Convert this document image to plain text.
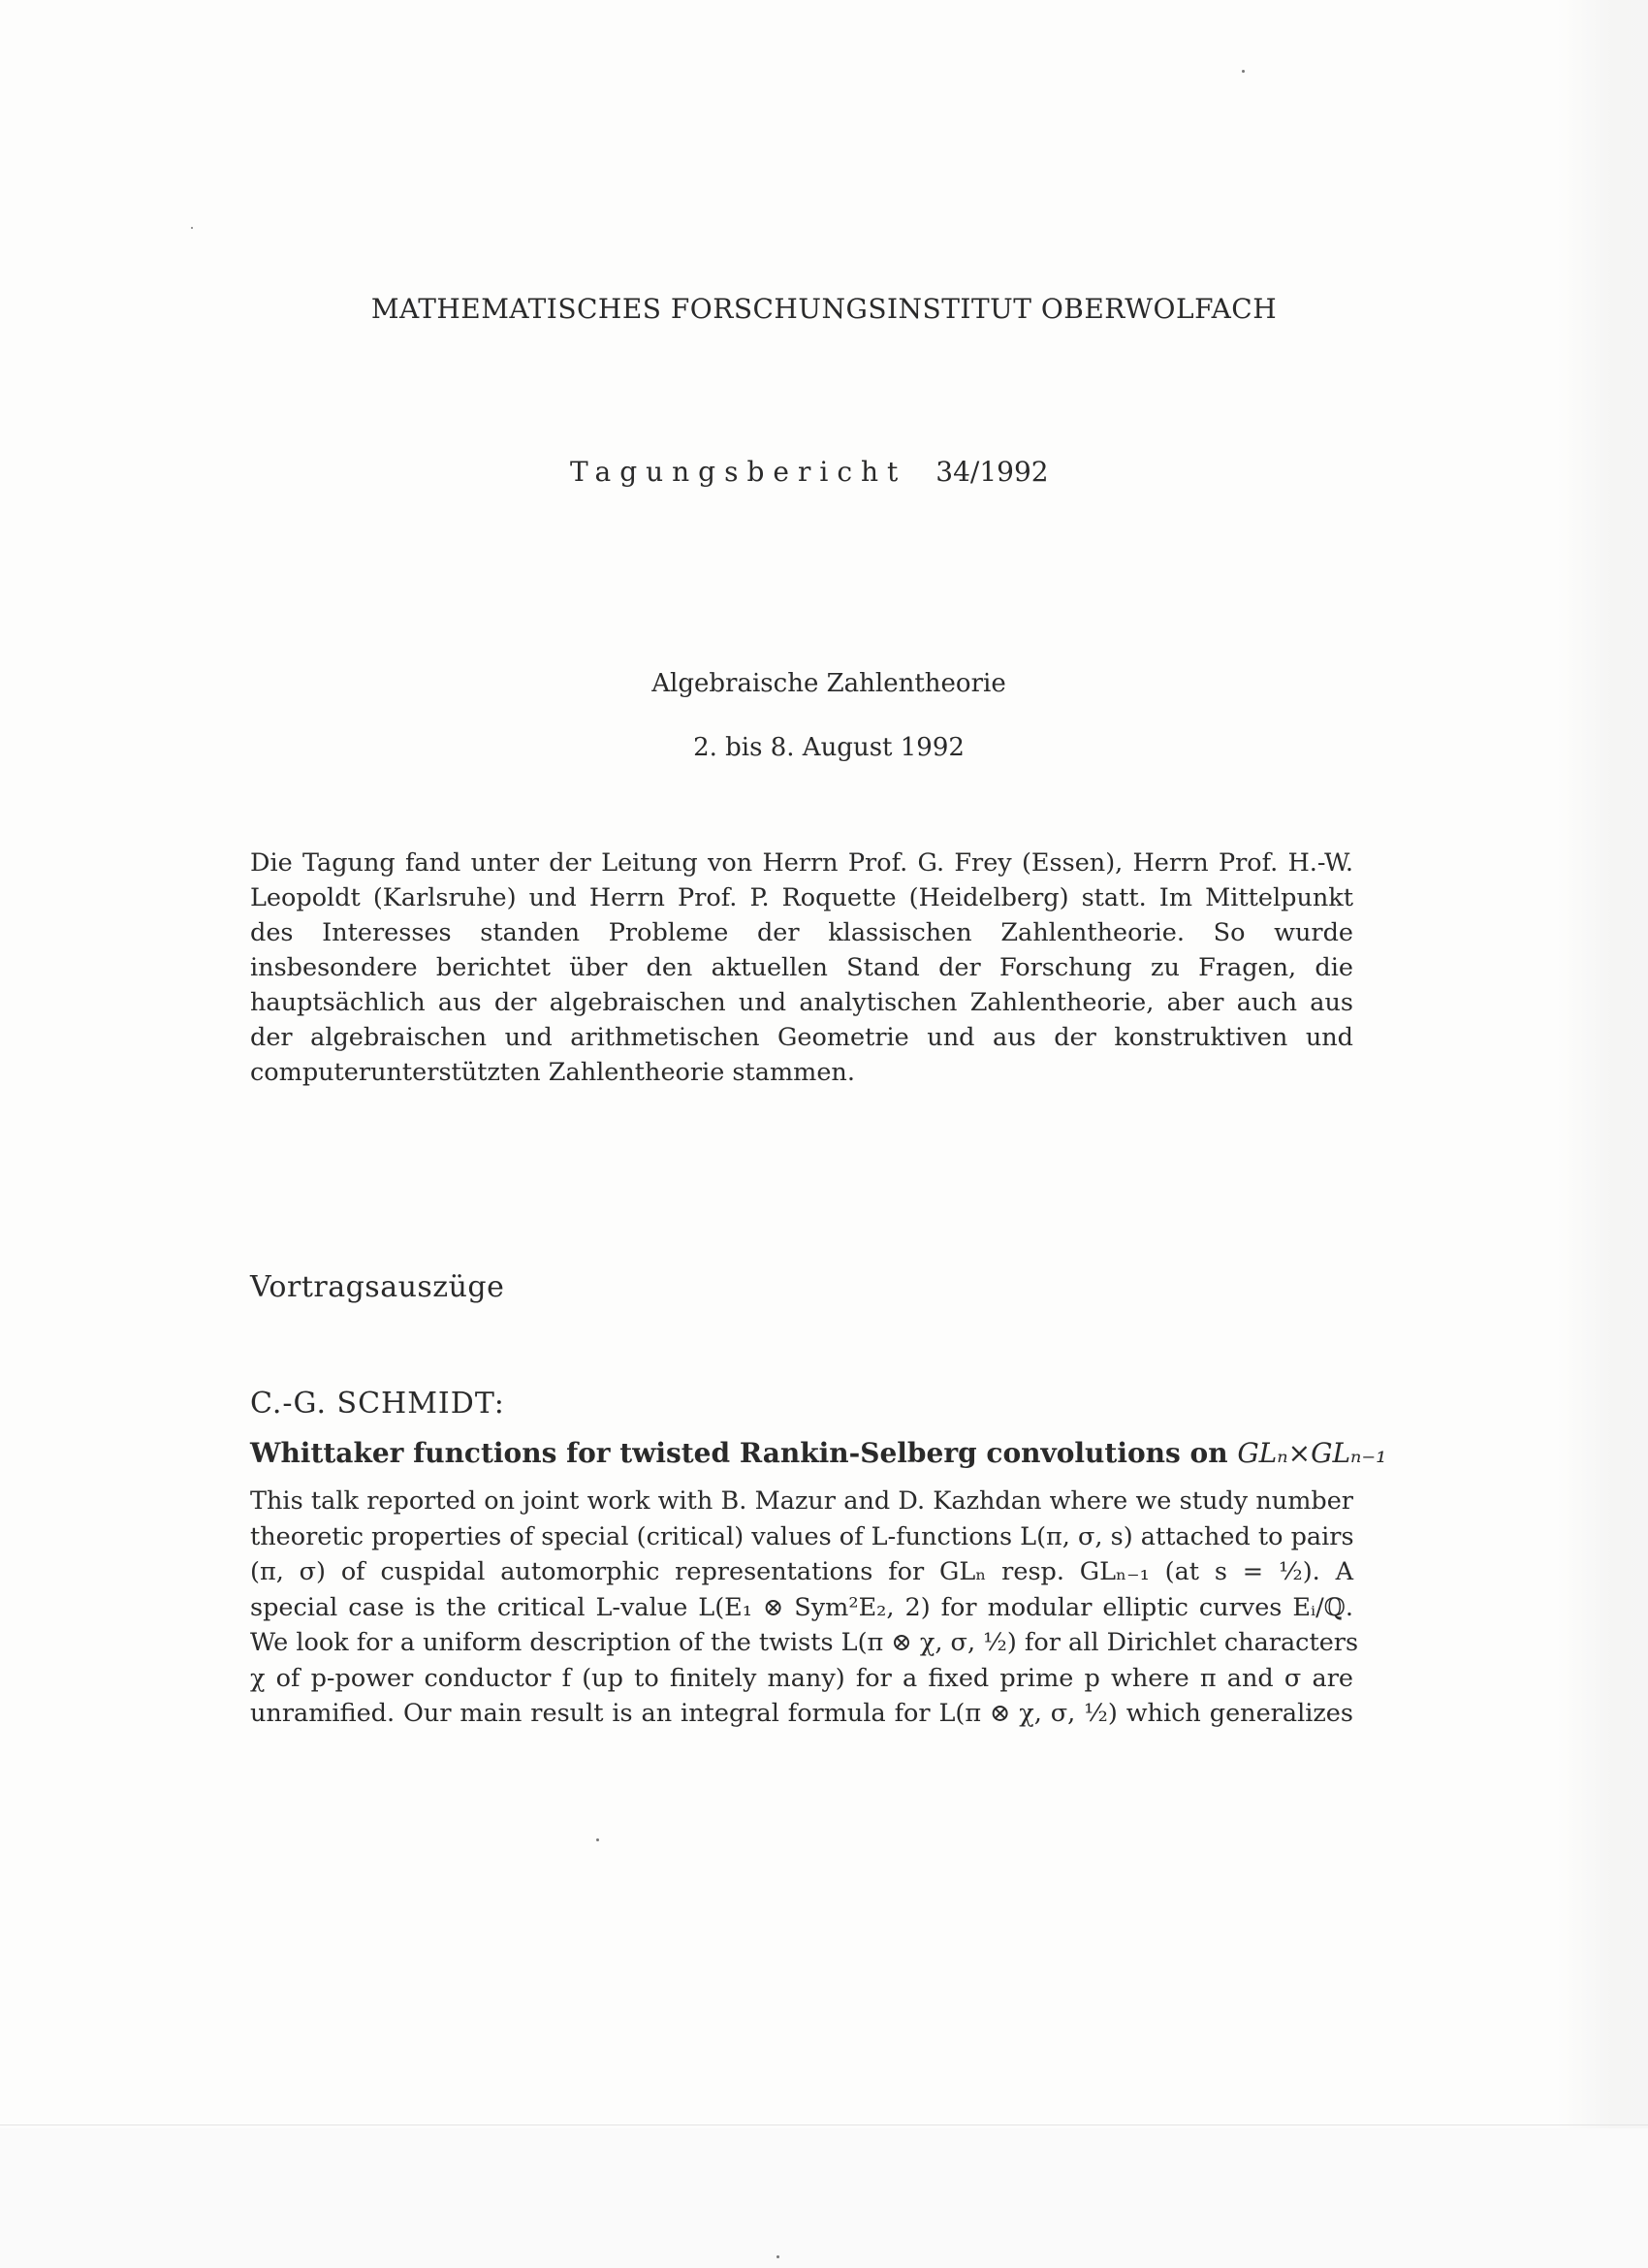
MATHEMATISCHES FORSCHUNGSINSTITUT OBERWOLFACH
Tagungsbericht 34/1992
Algebraische Zahlentheorie
2. bis 8. August 1992
Die Tagung fand unter der Leitung von Herrn Prof. G. Frey (Essen), Herrn Prof. H.-W. Leopoldt (Karlsruhe) und Herrn Prof. P. Roquette (Heidelberg) statt. Im Mittelpunkt des Interesses standen Probleme der klassischen Zahlentheorie. So wurde insbesondere berichtet über den aktuellen Stand der Forschung zu Fragen, die hauptsächlich aus der algebraischen und analytischen Zahlentheorie, aber auch aus der algebraischen und arithmetischen Geometrie und aus der konstruktiven und computerunterstützten Zahlentheorie stammen.
Vortragsauszüge
C.-G. SCHMIDT:
Whittaker functions for twisted Rankin-Selberg convolutions on GLₙ×GLₙ₋₁
This talk reported on joint work with B. Mazur and D. Kazhdan where we study number
theoretic properties of special (critical) values of L-functions L(π, σ, s) attached to pairs
(π, σ) of cuspidal automorphic representations for GLₙ resp. GLₙ₋₁ (at s = ½). A
special case is the critical L-value L(E₁ ⊗ Sym²E₂, 2) for modular elliptic curves Eᵢ/ℚ.
We look for a uniform description of the twists L(π ⊗ χ, σ, ½) for all Dirichlet characters
χ of p-power conductor f (up to finitely many) for a fixed prime p where π and σ are
unramified. Our main result is an integral formula for L(π ⊗ χ, σ, ½) which generalizes
